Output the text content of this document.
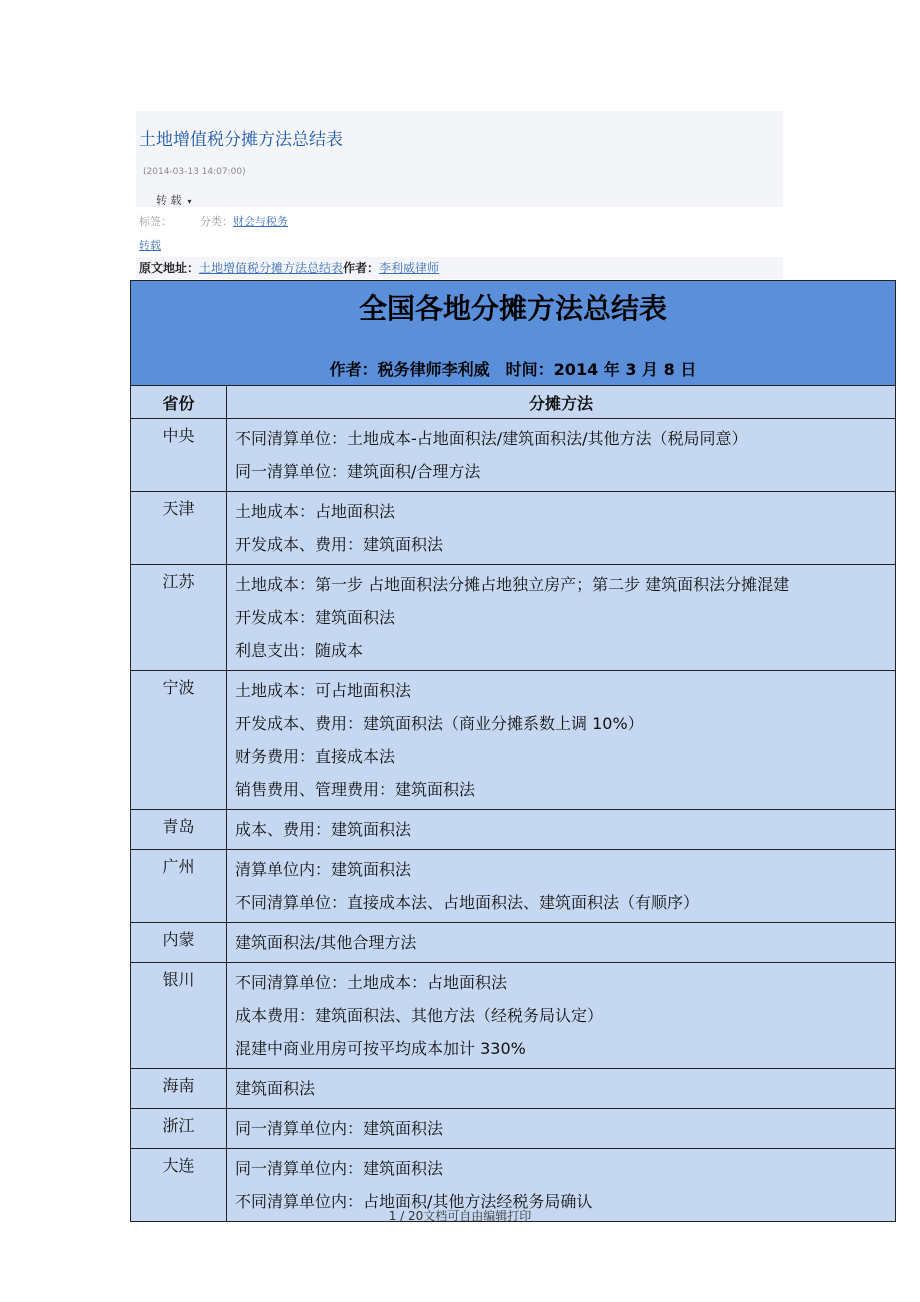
土地增值税分摊方法总结表
(2014-03-13 14:07:00)
转 载 ▾
标签：	分类：财会与税务
转载
原文地址：土地增值税分摊方法总结表作者：李利威律师
全国各地分摊方法总结表
作者：税务律师李利威　时间：2014 年 3 月 8 日	

省份	分摊方法
中央	不同清算单位：土地成本-占地面积法/建筑面积法/其他方法（税局同意）
同一清算单位：建筑面积/合理方法

天津	土地成本：占地面积法
开发成本、费用：建筑面积法

江苏	土地成本：第一步 占地面积法分摊占地独立房产；第二步 建筑面积法分摊混建
开发成本：建筑面积法
利息支出：随成本

宁波	土地成本：可占地面积法
开发成本、费用：建筑面积法（商业分摊系数上调 10%）
财务费用：直接成本法
销售费用、管理费用：建筑面积法

青岛	成本、费用：建筑面积法

广州	清算单位内：建筑面积法
不同清算单位：直接成本法、占地面积法、建筑面积法（有顺序）

内蒙	建筑面积法/其他合理方法

银川	不同清算单位：土地成本：占地面积法
成本费用：建筑面积法、其他方法（经税务局认定）
混建中商业用房可按平均成本加计 330%

海南	建筑面积法

浙江	同一清算单位内：建筑面积法

大连	同一清算单位内：建筑面积法
不同清算单位内：占地面积/其他方法经税务局确认
1 / 20文档可自由编辑打印
